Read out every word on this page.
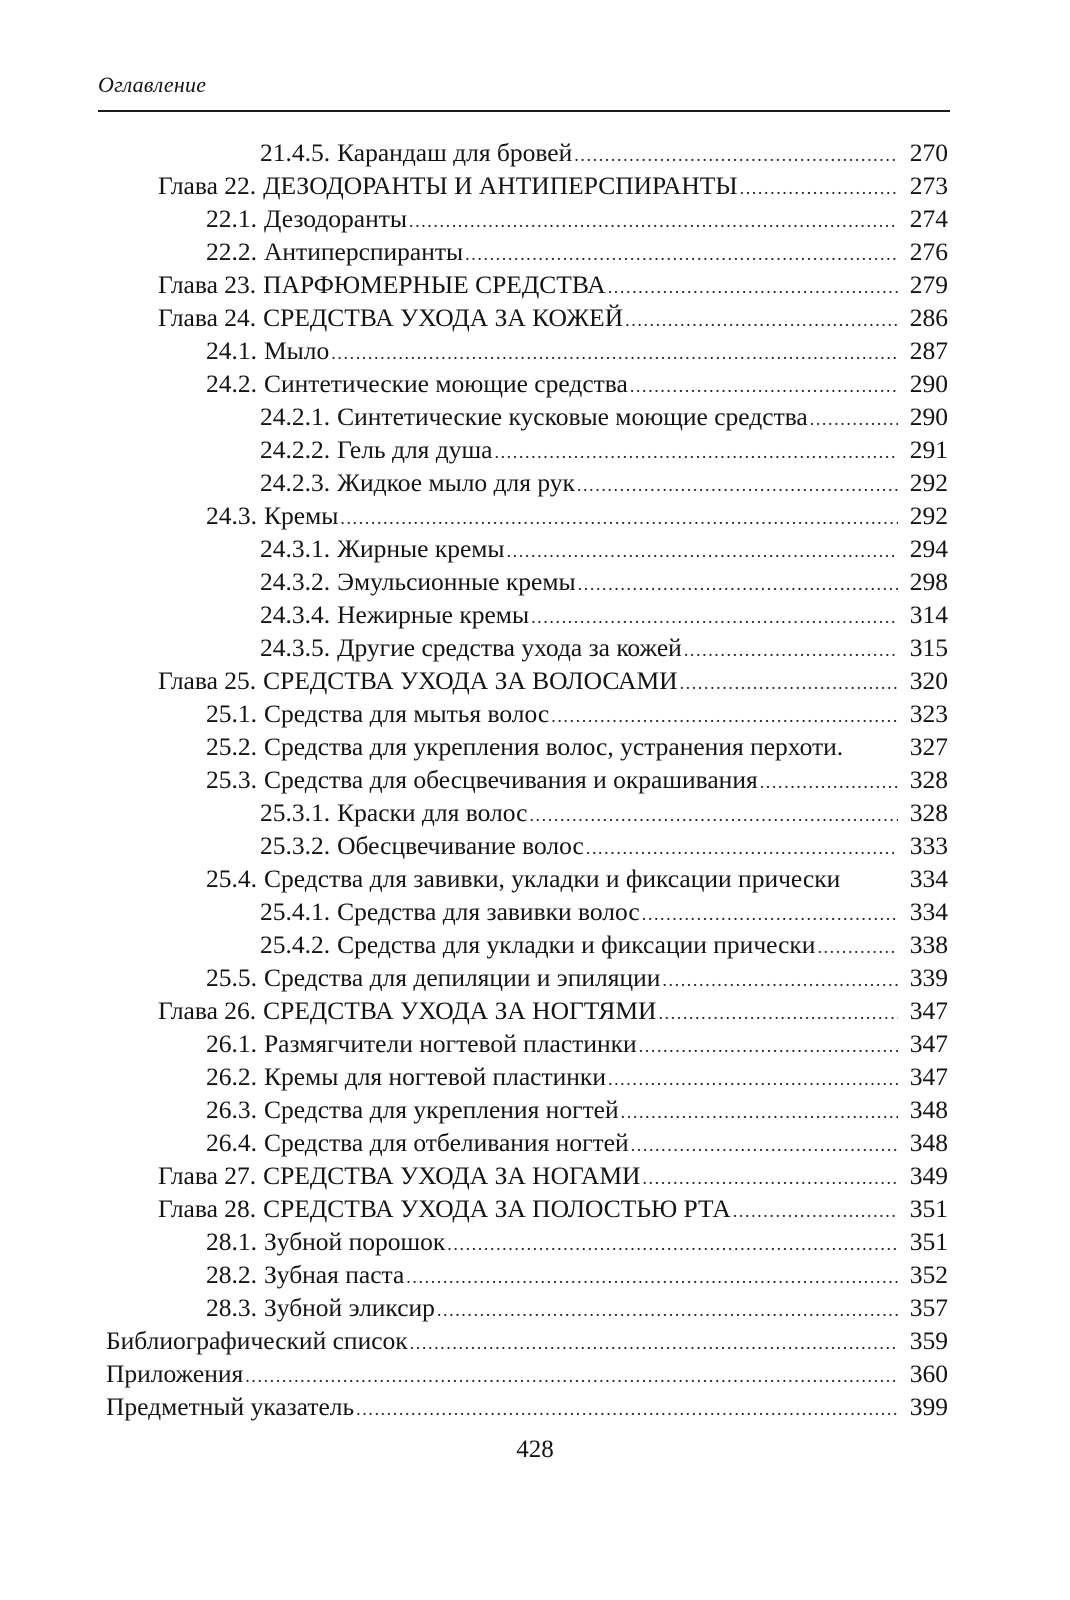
Оглавление
21.4.5. Карандаш для бровей .....	270
Глава 22. ДЕЗОДОРАНТЫ И АНТИПЕРСПИРАНТЫ .....	273
22.1. Дезодоранты .....	274
22.2. Антиперспиранты .....	276
Глава 23. ПАРФЮМЕРНЫЕ СРЕДСТВА .....	279
Глава 24. СРЕДСТВА УХОДА ЗА КОЖЕЙ .....	286
24.1. Мыло .....	287
24.2. Синтетические моющие средства .....	290
24.2.1. Синтетические кусковые моющие средства .....	290
24.2.2. Гель для душа .....	291
24.2.3. Жидкое мыло для рук .....	292
24.3. Кремы .....	292
24.3.1. Жирные кремы .....	294
24.3.2. Эмульсионные кремы .....	298
24.3.4. Нежирные кремы .....	314
24.3.5. Другие средства ухода за кожей .....	315
Глава 25. СРЕДСТВА УХОДА ЗА ВОЛОСАМИ .....	320
25.1. Средства для мытья волос .....	323
25.2. Средства для укрепления волос, устранения перхоти.	327
25.3. Средства для обесцвечивания и окрашивания .....	328
25.3.1. Краски для волос .....	328
25.3.2. Обесцвечивание волос .....	333
25.4. Средства для завивки, укладки и фиксации прически	334
25.4.1. Средства для завивки волос .....	334
25.4.2. Средства для укладки и фиксации прически .....	338
25.5. Средства для депиляции и эпиляции .....	339
Глава 26. СРЕДСТВА УХОДА ЗА НОГТЯМИ .....	347
26.1. Размягчители ногтевой пластинки .....	347
26.2. Кремы для ногтевой пластинки .....	347
26.3. Средства для укрепления ногтей .....	348
26.4. Средства для отбеливания ногтей .....	348
Глава 27. СРЕДСТВА УХОДА ЗА НОГАМИ .....	349
Глава 28. СРЕДСТВА УХОДА ЗА ПОЛОСТЬЮ РТА .....	351
28.1. Зубной порошок .....	351
28.2. Зубная паста .....	352
28.3. Зубной эликсир .....	357
Библиографический список .....	359
Приложения .....	360
Предметный указатель .....	399
428
